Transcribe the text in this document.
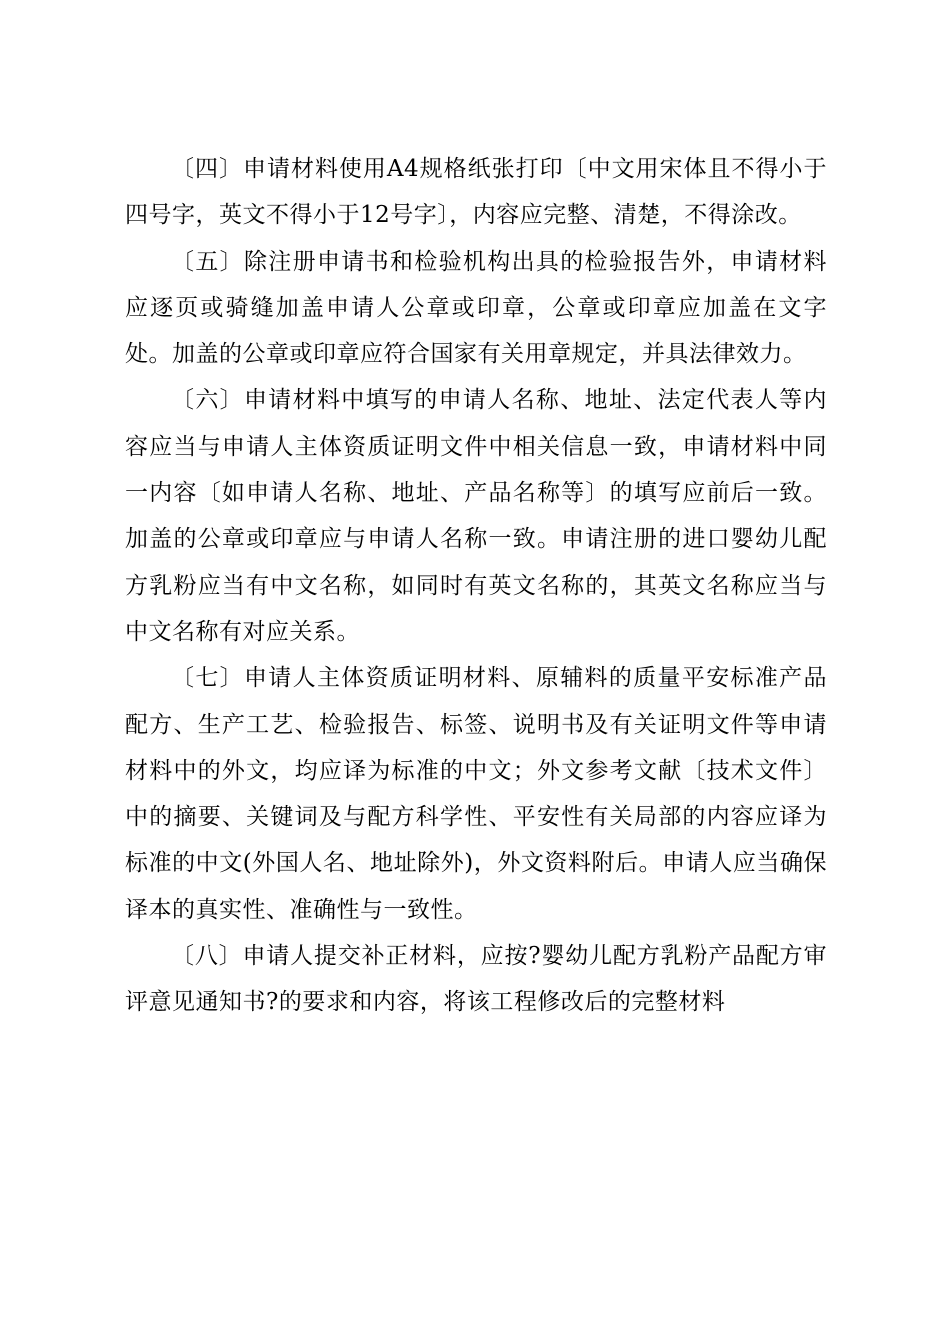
〔四〕申请材料使用A4规格纸张打印〔中文用宋体且不得小于四号字，英文不得小于12号字〕，内容应完整、清楚，不得涂改。

〔五〕除注册申请书和检验机构出具的检验报告外，申请材料应逐页或骑缝加盖申请人公章或印章，公章或印章应加盖在文字处。加盖的公章或印章应符合国家有关用章规定，并具法律效力。

〔六〕申请材料中填写的申请人名称、地址、法定代表人等内容应当与申请人主体资质证明文件中相关信息一致，申请材料中同一内容〔如申请人名称、地址、产品名称等〕的填写应前后一致。加盖的公章或印章应与申请人名称一致。申请注册的进口婴幼儿配方乳粉应当有中文名称，如同时有英文名称的，其英文名称应当与中文名称有对应关系。

〔七〕申请人主体资质证明材料、原辅料的质量平安标准产品配方、生产工艺、检验报告、标签、说明书及有关证明文件等申请材料中的外文，均应译为标准的中文；外文参考文献〔技术文件〕中的摘要、关键词及与配方科学性、平安性有关局部的内容应译为标准的中文(外国人名、地址除外)，外文资料附后。申请人应当确保译本的真实性、准确性与一致性。

〔八〕申请人提交补正材料，应按?婴幼儿配方乳粉产品配方审评意见通知书?的要求和内容，将该工程修改后的完整材料
